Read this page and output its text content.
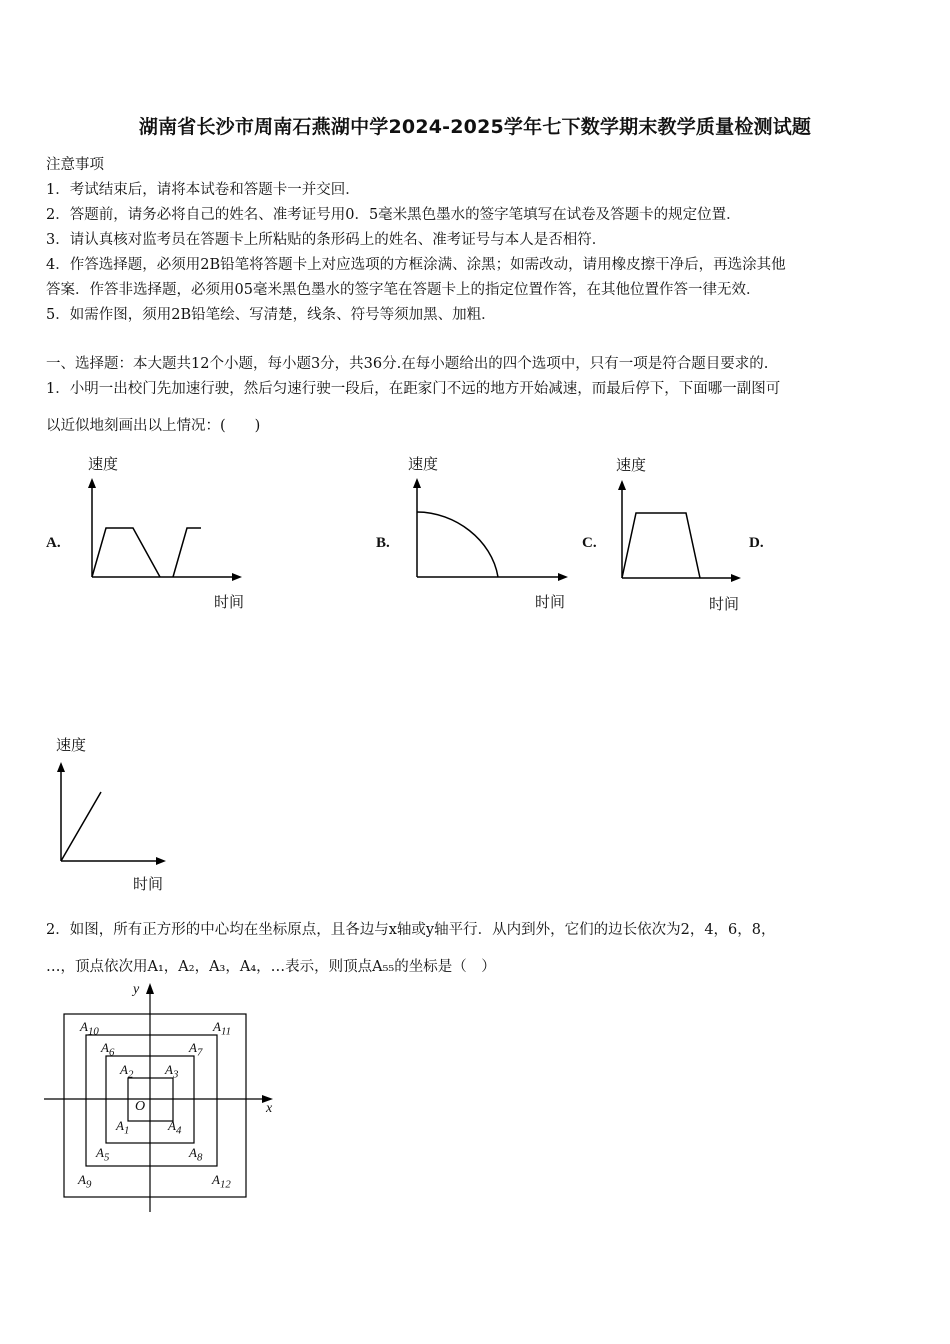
湖南省长沙市周南石燕湖中学2024-2025学年七下数学期末教学质量检测试题
注意事项
1．考试结束后，请将本试卷和答题卡一并交回．
2．答题前，请务必将自己的姓名、准考证号用0．5毫米黑色墨水的签字笔填写在试卷及答题卡的规定位置．
3．请认真核对监考员在答题卡上所粘贴的条形码上的姓名、准考证号与本人是否相符．
4．作答选择题，必须用2B铅笔将答题卡上对应选项的方框涂满、涂黑；如需改动，请用橡皮擦干净后，再选涂其他
答案．作答非选择题，必须用05毫米黑色墨水的签字笔在答题卡上的指定位置作答，在其他位置作答一律无效．
5．如需作图，须用2B铅笔绘、写清楚，线条、符号等须加黑、加粗．
一、选择题：本大题共12个小题，每小题3分，共36分.在每小题给出的四个选项中，只有一项是符合题目要求的.
1．小明一出校门先加速行驶，然后匀速行驶一段后，在距家门不远的地方开始减速，而最后停下，下面哪一副图可
以近似地刻画出以上情况：(　　)
A.	B.	C.	D.
速度
时间
速度
时间
速度
时间
速度
时间
2．如图，所有正方形的中心均在坐标原点，且各边与x轴或y轴平行．从内到外，它们的边长依次为2，4，6，8，
…，顶点依次用A₁，A₂，A₃，A₄，…表示，则顶点A₅₅的坐标是（　）
y
x
O
$A_1$
$A_2$ $A_3$
$A_4$
$A_5$
$A_6$	$A_7$
$A_8$
$A_9$
$A_{10}$	$A_{11}$
$A_{12}$
